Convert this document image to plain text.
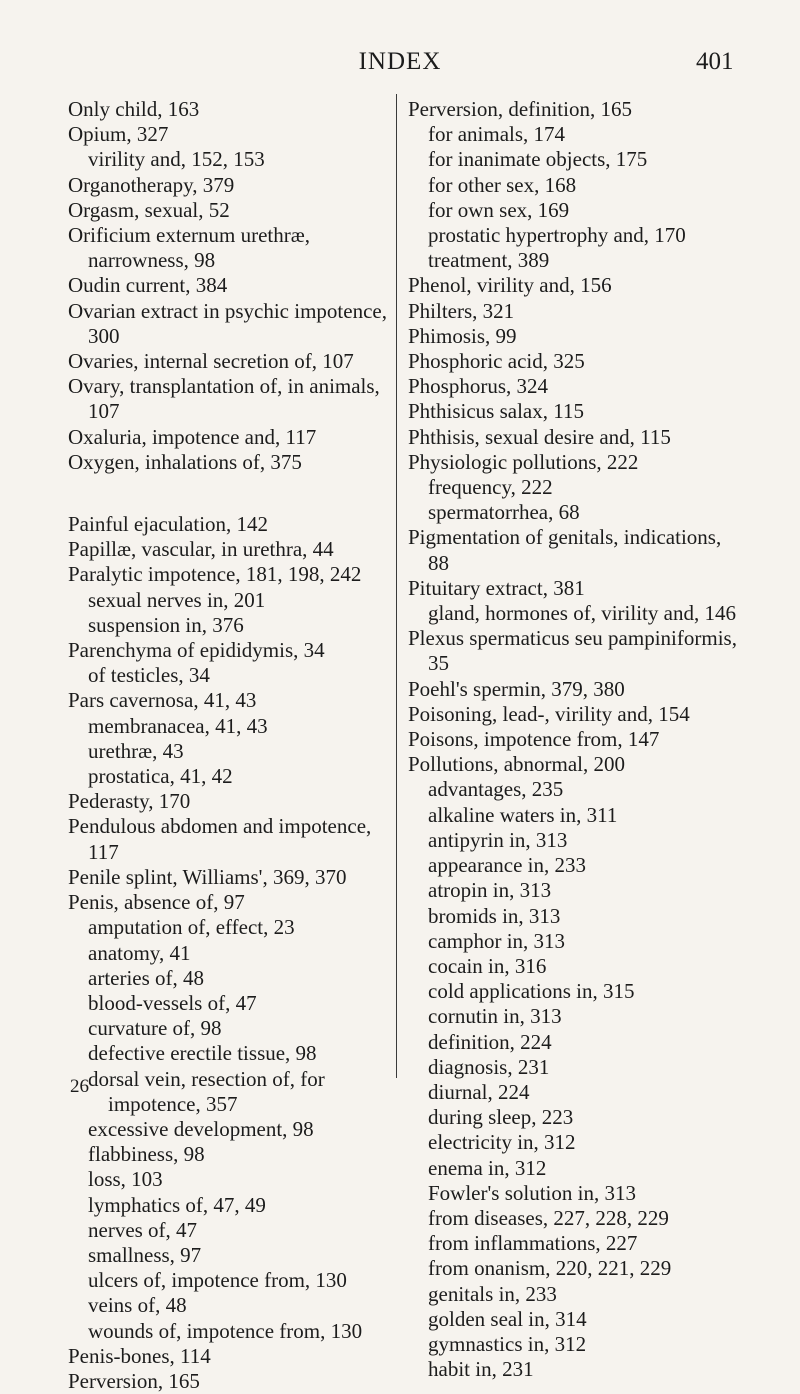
INDEX	401
Only child, 163
Opium, 327
virility and, 152, 153
Organotherapy, 379
Orgasm, sexual, 52
Orificium externum urethræ, narrowness, 98
Oudin current, 384
Ovarian extract in psychic impotence, 300
Ovaries, internal secretion of, 107
Ovary, transplantation of, in animals, 107
Oxaluria, impotence and, 117
Oxygen, inhalations of, 375
Painful ejaculation, 142
Papillæ, vascular, in urethra, 44
Paralytic impotence, 181, 198, 242
sexual nerves in, 201
suspension in, 376
Parenchyma of epididymis, 34
of testicles, 34
Pars cavernosa, 41, 43
membranacea, 41, 43
urethræ, 43
prostatica, 41, 42
Pederasty, 170
Pendulous abdomen and impotence, 117
Penile splint, Williams', 369, 370
Penis, absence of, 97
amputation of, effect, 23
anatomy, 41
arteries of, 48
blood-vessels of, 47
curvature of, 98
defective erectile tissue, 98
dorsal vein, resection of, for impotence, 357
excessive development, 98
flabbiness, 98
loss, 103
lymphatics of, 47, 49
nerves of, 47
smallness, 97
ulcers of, impotence from, 130
veins of, 48
wounds of, impotence from, 130
Penis-bones, 114
Perversion, 165
Perversion, definition, 165
for animals, 174
for inanimate objects, 175
for other sex, 168
for own sex, 169
prostatic hypertrophy and, 170
treatment, 389
Phenol, virility and, 156
Philters, 321
Phimosis, 99
Phosphoric acid, 325
Phosphorus, 324
Phthisicus salax, 115
Phthisis, sexual desire and, 115
Physiologic pollutions, 222
frequency, 222
spermatorrhea, 68
Pigmentation of genitals, indications, 88
Pituitary extract, 381
gland, hormones of, virility and, 146
Plexus spermaticus seu pampiniformis, 35
Poehl's spermin, 379, 380
Poisoning, lead-, virility and, 154
Poisons, impotence from, 147
Pollutions, abnormal, 200
advantages, 235
alkaline waters in, 311
antipyrin in, 313
appearance in, 233
atropin in, 313
bromids in, 313
camphor in, 313
cocain in, 316
cold applications in, 315
cornutin in, 313
definition, 224
diagnosis, 231
diurnal, 224
during sleep, 223
electricity in, 312
enema in, 312
Fowler's solution in, 313
from diseases, 227, 228, 229
from inflammations, 227
from onanism, 220, 221, 229
genitals in, 233
golden seal in, 314
gymnastics in, 312
habit in, 231
26
